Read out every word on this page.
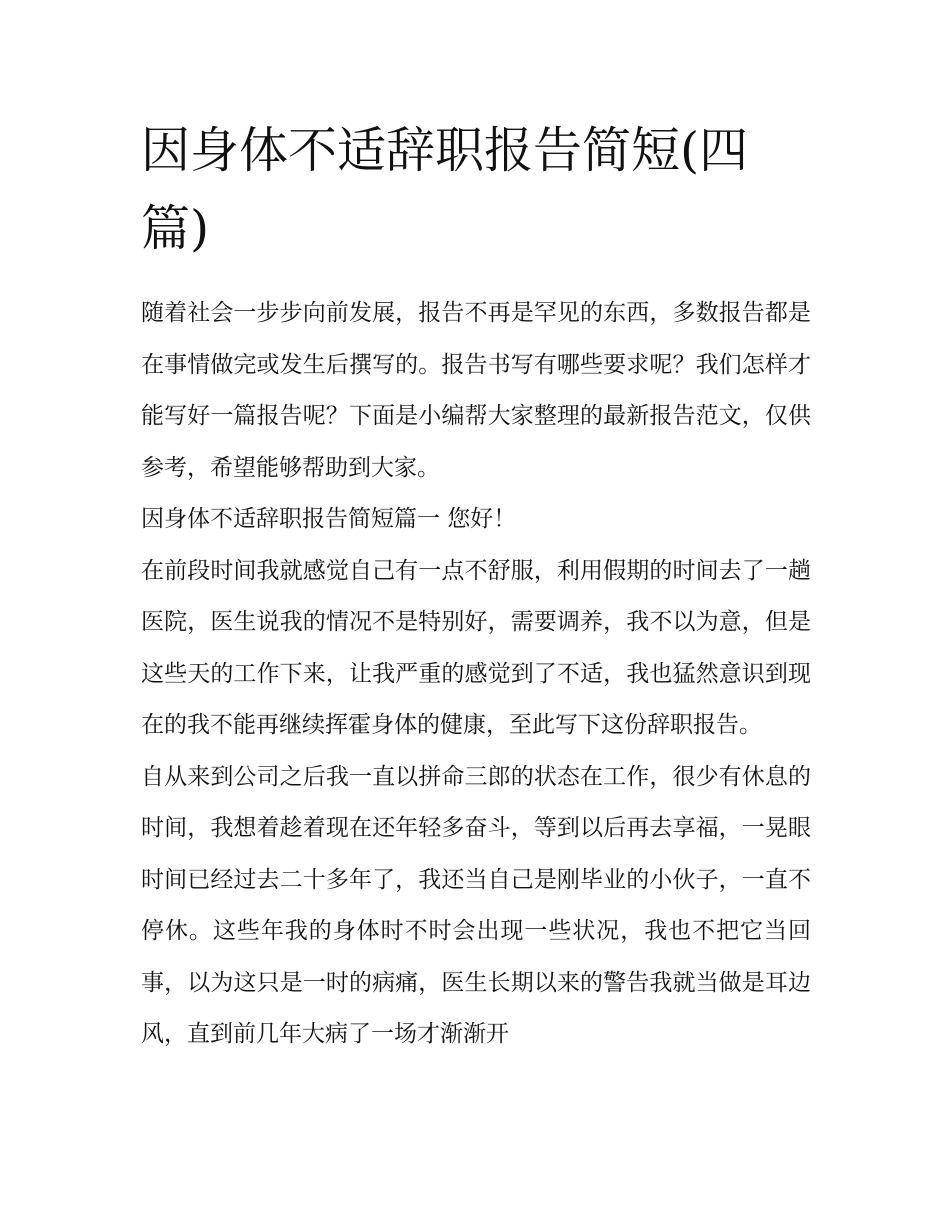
因身体不适辞职报告简短(四篇)

随着社会一步步向前发展，报告不再是罕见的东西，多数报告都是在事情做完或发生后撰写的。报告书写有哪些要求呢？我们怎样才能写好一篇报告呢？下面是小编帮大家整理的最新报告范文，仅供参考，希望能够帮助到大家。

因身体不适辞职报告简短篇一 您好！

在前段时间我就感觉自己有一点不舒服，利用假期的时间去了一趟医院，医生说我的情况不是特别好，需要调养，我不以为意，但是这些天的工作下来，让我严重的感觉到了不适，我也猛然意识到现在的我不能再继续挥霍身体的健康，至此写下这份辞职报告。

自从来到公司之后我一直以拼命三郎的状态在工作，很少有休息的时间，我想着趁着现在还年轻多奋斗，等到以后再去享福，一晃眼时间已经过去二十多年了，我还当自己是刚毕业的小伙子，一直不停休。这些年我的身体时不时会出现一些状况，我也不把它当回事，以为这只是一时的病痛，医生长期以来的警告我就当做是耳边风，直到前几年大病了一场才渐渐开
